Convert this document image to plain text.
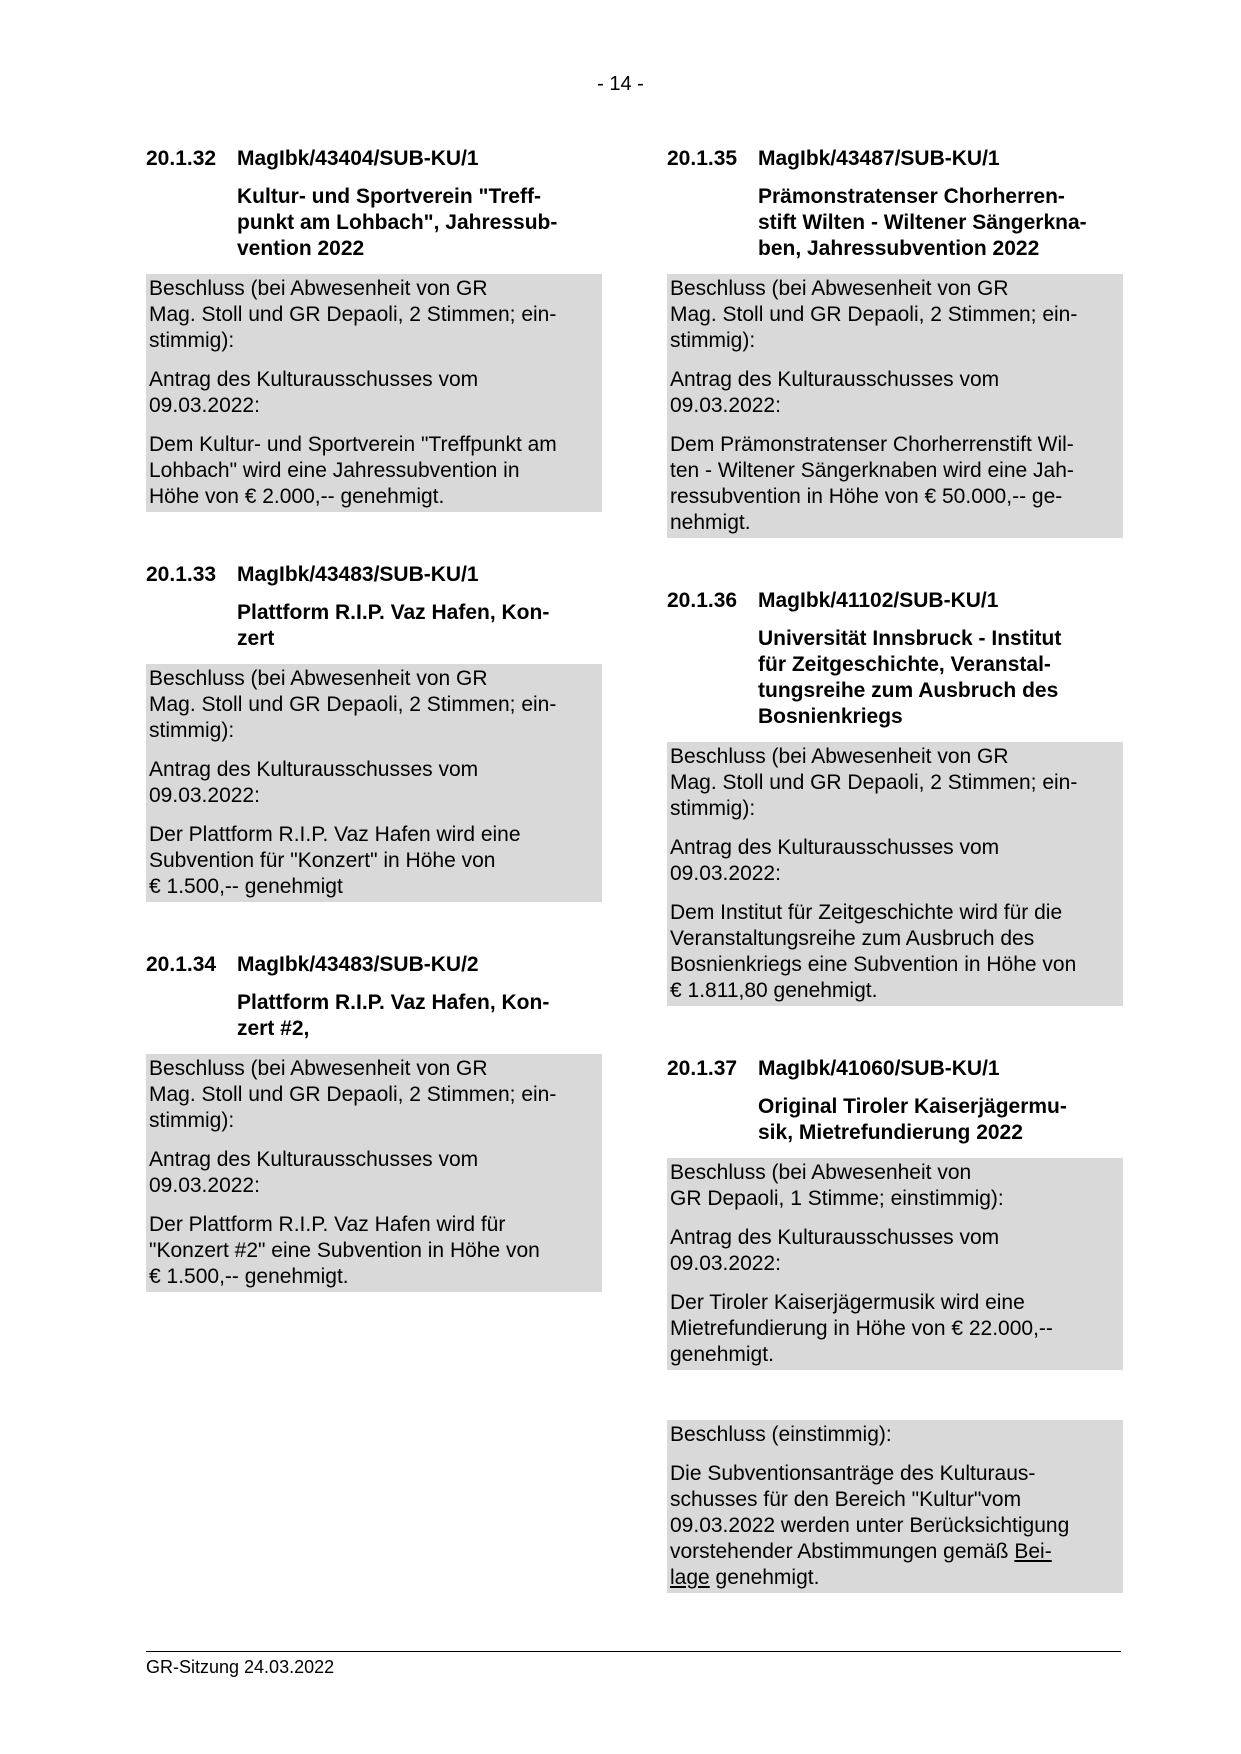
- 14 -
20.1.32 MagIbk/43404/SUB-KU/1
Kultur- und Sportverein "Treff-
punkt am Lohbach", Jahressub-
vention 2022

Beschluss (bei Abwesenheit von GR
Mag. Stoll und GR Depaoli, 2 Stimmen; ein-
stimmig):

Antrag des Kulturausschusses vom
09.03.2022:

Dem Kultur- und Sportverein "Treffpunkt am
Lohbach" wird eine Jahressubvention in
Höhe von € 2.000,-- genehmigt.

20.1.33 MagIbk/43483/SUB-KU/1
Plattform R.I.P. Vaz Hafen, Kon-
zert

Beschluss (bei Abwesenheit von GR
Mag. Stoll und GR Depaoli, 2 Stimmen; ein-
stimmig):

Antrag des Kulturausschusses vom
09.03.2022:

Der Plattform R.I.P. Vaz Hafen wird eine
Subvention für "Konzert" in Höhe von
€ 1.500,-- genehmigt

20.1.34 MagIbk/43483/SUB-KU/2
Plattform R.I.P. Vaz Hafen, Kon-
zert #2,

Beschluss (bei Abwesenheit von GR
Mag. Stoll und GR Depaoli, 2 Stimmen; ein-
stimmig):

Antrag des Kulturausschusses vom
09.03.2022:

Der Plattform R.I.P. Vaz Hafen wird für
"Konzert #2" eine Subvention in Höhe von
€ 1.500,-- genehmigt.

20.1.35 MagIbk/43487/SUB-KU/1
Prämonstratenser Chorherren-
stift Wilten - Wiltener Sängerkna-
ben, Jahressubvention 2022

Beschluss (bei Abwesenheit von GR
Mag. Stoll und GR Depaoli, 2 Stimmen; ein-
stimmig):

Antrag des Kulturausschusses vom
09.03.2022:

Dem Prämonstratenser Chorherrenstift Wil-
ten - Wiltener Sängerknaben wird eine Jah-
ressubvention in Höhe von € 50.000,-- ge-
nehmigt.

20.1.36 MagIbk/41102/SUB-KU/1
Universität Innsbruck - Institut
für Zeitgeschichte, Veranstal-
tungsreihe zum Ausbruch des
Bosnienkriegs

Beschluss (bei Abwesenheit von GR
Mag. Stoll und GR Depaoli, 2 Stimmen; ein-
stimmig):

Antrag des Kulturausschusses vom
09.03.2022:

Dem Institut für Zeitgeschichte wird für die
Veranstaltungsreihe zum Ausbruch des
Bosnienkriegs eine Subvention in Höhe von
€ 1.811,80 genehmigt.

20.1.37 MagIbk/41060/SUB-KU/1
Original Tiroler Kaiserjägermu-
sik, Mietrefundierung 2022

Beschluss (bei Abwesenheit von
GR Depaoli, 1 Stimme; einstimmig):

Antrag des Kulturausschusses vom
09.03.2022:

Der Tiroler Kaiserjägermusik wird eine
Mietrefundierung in Höhe von € 22.000,--
genehmigt.

Beschluss (einstimmig):

Die Subventionsanträge des Kulturaus-
schusses für den Bereich "Kultur"vom
09.03.2022 werden unter Berücksichtigung
vorstehender Abstimmungen gemäß Bei-
lage genehmigt.

GR-Sitzung 24.03.2022
